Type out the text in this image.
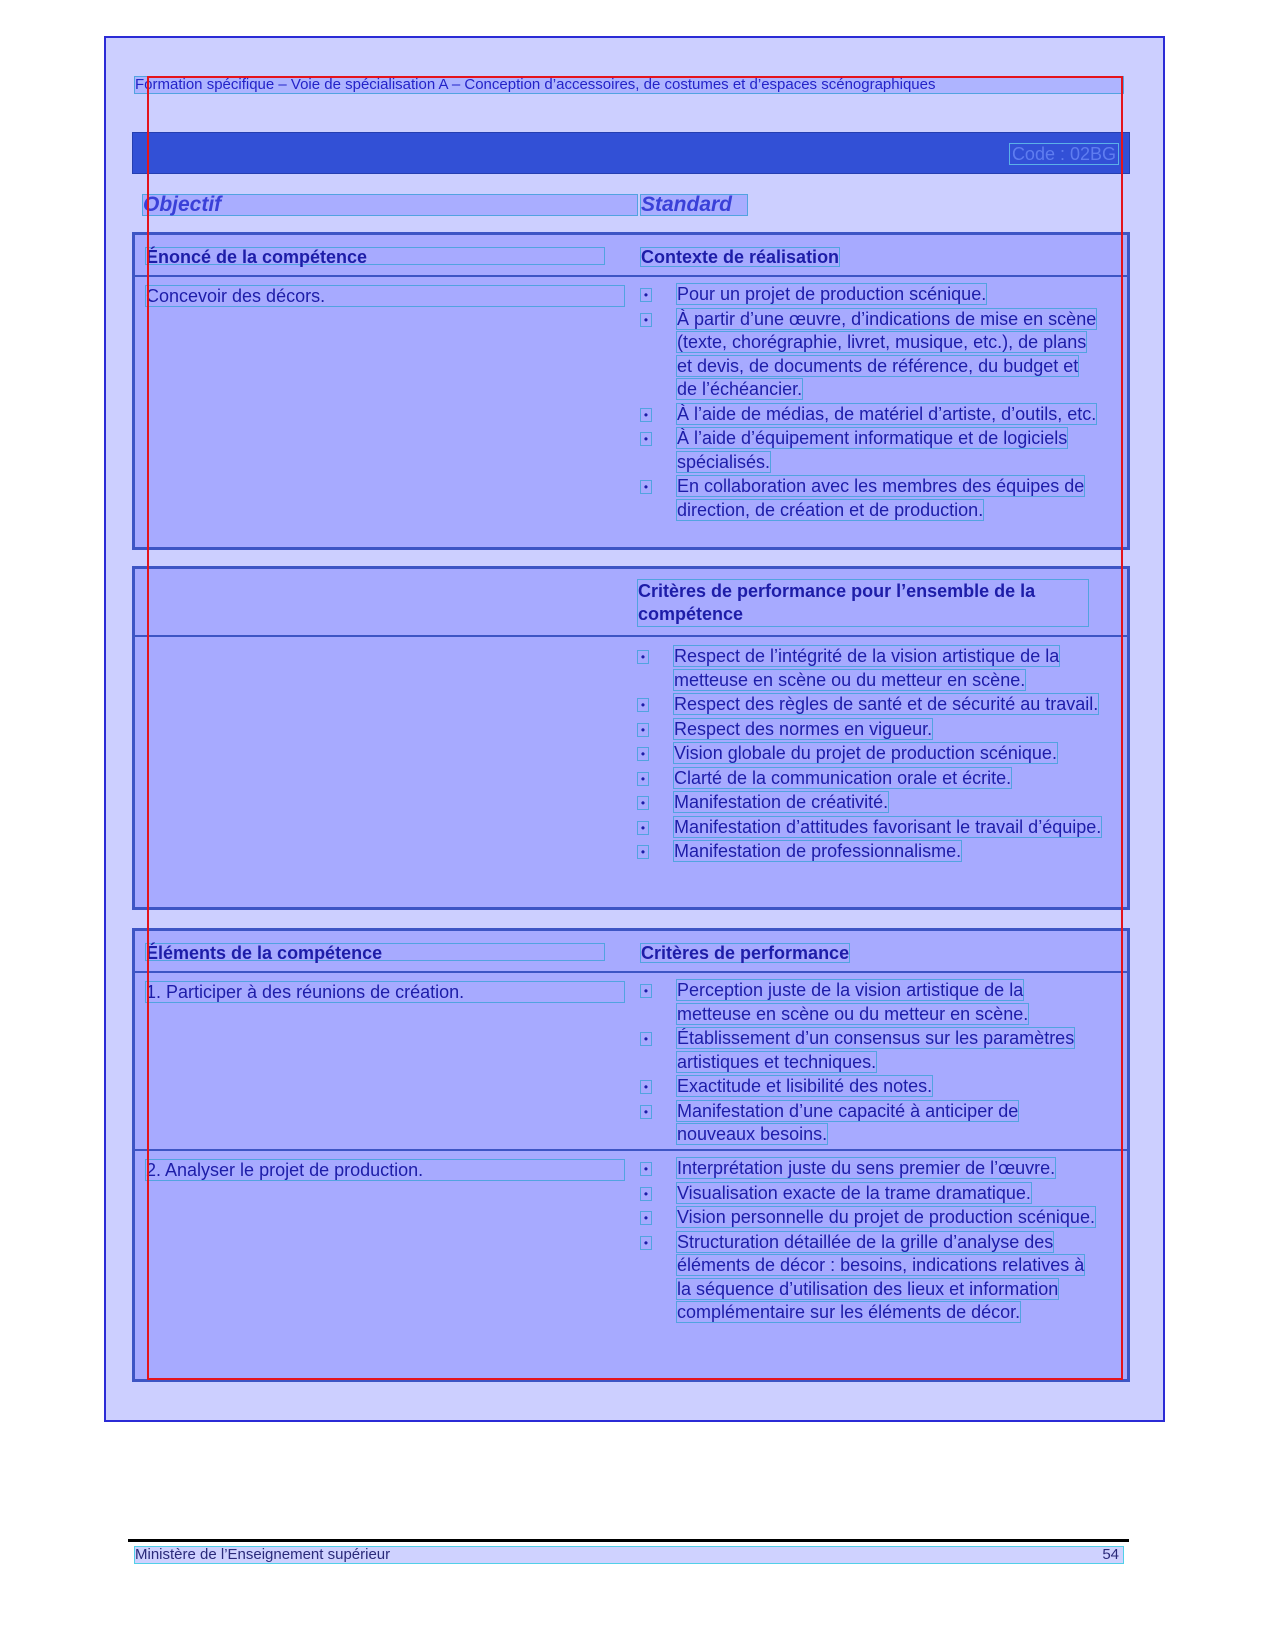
Formation spécifique – Voie de spécialisation A – Conception d’accessoires, de costumes et d’espaces scénographiques
Code : 02BG
Objectif	Standard
Énoncé de la compétence	Contexte de réalisation
Concevoir des décors.	• Pour un projet de production scénique.
• À partir d’une œuvre, d’indications de mise en scène (texte, chorégraphie, livret, musique, etc.), de plans et devis, de documents de référence, du budget et de l’échéancier.
• À l’aide de médias, de matériel d’artiste, d’outils, etc.
• À l’aide d’équipement informatique et de logiciels spécialisés.
• En collaboration avec les membres des équipes de direction, de création et de production.
Critères de performance pour l’ensemble de la compétence
• Respect de l’intégrité de la vision artistique de la metteuse en scène ou du metteur en scène.
• Respect des règles de santé et de sécurité au travail.
• Respect des normes en vigueur.
• Vision globale du projet de production scénique.
• Clarté de la communication orale et écrite.
• Manifestation de créativité.
• Manifestation d’attitudes favorisant le travail d’équipe.
• Manifestation de professionnalisme.
Éléments de la compétence	Critères de performance
1. Participer à des réunions de création.	• Perception juste de la vision artistique de la metteuse en scène ou du metteur en scène.
• Établissement d’un consensus sur les paramètres artistiques et techniques.
• Exactitude et lisibilité des notes.
• Manifestation d’une capacité à anticiper de nouveaux besoins.
2. Analyser le projet de production.	• Interprétation juste du sens premier de l’œuvre.
• Visualisation exacte de la trame dramatique.
• Vision personnelle du projet de production scénique.
• Structuration détaillée de la grille d’analyse des éléments de décor : besoins, indications relatives à la séquence d’utilisation des lieux et information complémentaire sur les éléments de décor.
Ministère de l’Enseignement supérieur	54
